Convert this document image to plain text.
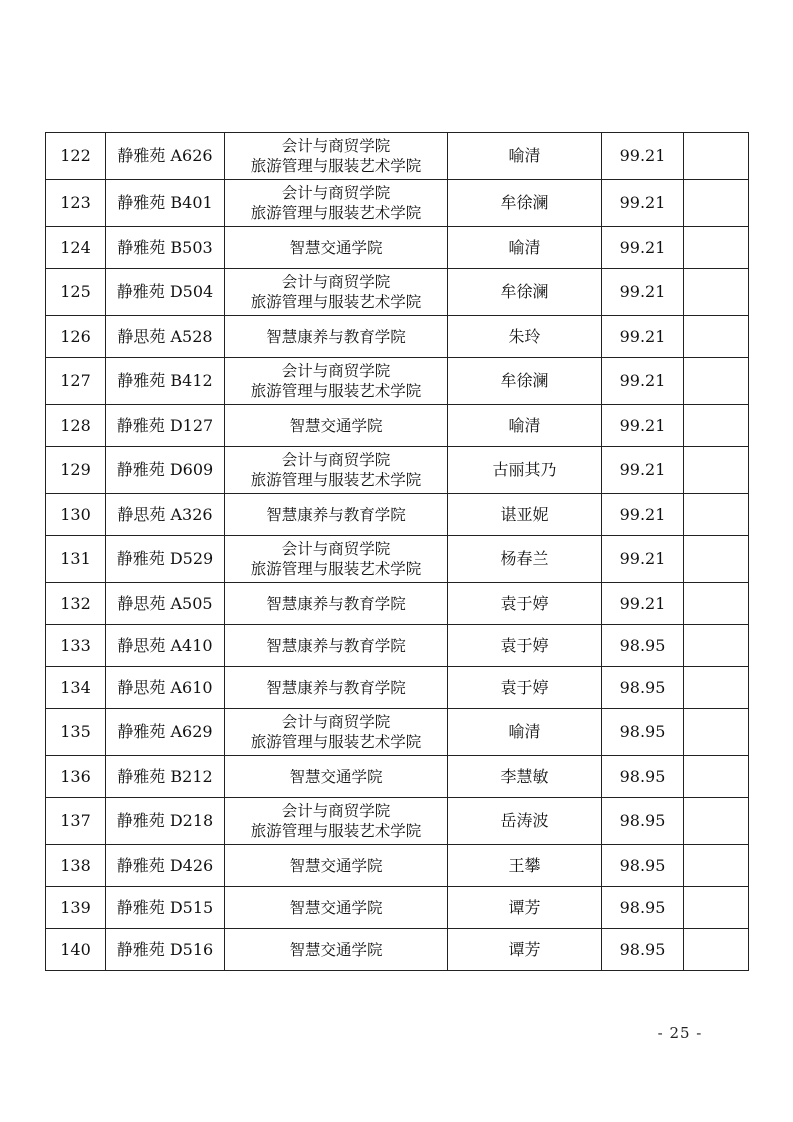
122	静雅苑 A626	会计与商贸学院
旅游管理与服装艺术学院	喻清	99.21	
123	静雅苑 B401	会计与商贸学院
旅游管理与服装艺术学院	牟徐澜	99.21	
124	静雅苑 B503	智慧交通学院	喻清	99.21	
125	静雅苑 D504	会计与商贸学院
旅游管理与服装艺术学院	牟徐澜	99.21	
126	静思苑 A528	智慧康养与教育学院	朱玲	99.21	
127	静雅苑 B412	会计与商贸学院
旅游管理与服装艺术学院	牟徐澜	99.21	
128	静雅苑 D127	智慧交通学院	喻清	99.21	
129	静雅苑 D609	会计与商贸学院
旅游管理与服装艺术学院	古丽其乃	99.21	
130	静思苑 A326	智慧康养与教育学院	谌亚妮	99.21	
131	静雅苑 D529	会计与商贸学院
旅游管理与服装艺术学院	杨春兰	99.21	
132	静思苑 A505	智慧康养与教育学院	袁于婷	99.21	
133	静思苑 A410	智慧康养与教育学院	袁于婷	98.95	
134	静思苑 A610	智慧康养与教育学院	袁于婷	98.95	
135	静雅苑 A629	会计与商贸学院
旅游管理与服装艺术学院	喻清	98.95	
136	静雅苑 B212	智慧交通学院	李慧敏	98.95	
137	静雅苑 D218	会计与商贸学院
旅游管理与服装艺术学院	岳涛波	98.95	
138	静雅苑 D426	智慧交通学院	王攀	98.95	
139	静雅苑 D515	智慧交通学院	谭芳	98.95	
140	静雅苑 D516	智慧交通学院	谭芳	98.95	
- 25 -
